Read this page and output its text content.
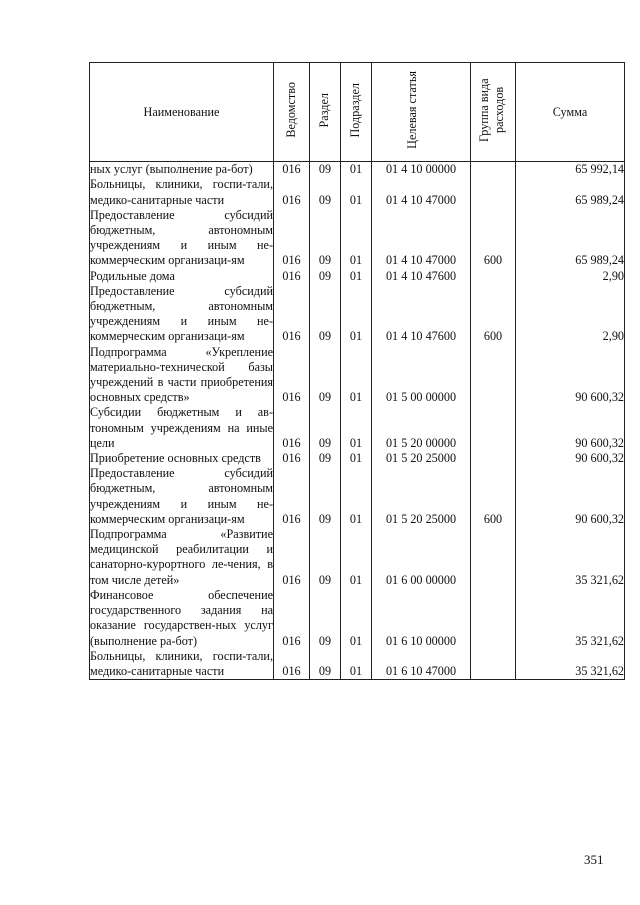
Наименование	Ведомство	Раздел	Подраздел	Целевая статья	Группа вида расходов	Сумма
ных услуг (выполнение ра-бот)	016	09	01	01 4 10 00000		65 992,14
Больницы, клиники, госпи-тали, медико-санитарные части	016	09	01	01 4 10 47000		65 989,24
Предоставление субсидий бюджетным, автономным учреждениям и иным не-коммерческим организаци-ям	016	09	01	01 4 10 47000	600	65 989,24
Родильные дома	016	09	01	01 4 10 47600		2,90
Предоставление субсидий бюджетным, автономным учреждениям и иным не-коммерческим организаци-ям	016	09	01	01 4 10 47600	600	2,90
Подпрограмма «Укрепление материально-технической базы учреждений в части приобретения основных средств»	016	09	01	01 5 00 00000		90 600,32
Субсидии бюджетным и ав-тономным учреждениям на иные цели	016	09	01	01 5 20 00000		90 600,32
Приобретение основных средств	016	09	01	01 5 20 25000		90 600,32
Предоставление субсидий бюджетным, автономным учреждениям и иным не-коммерческим организаци-ям	016	09	01	01 5 20 25000	600	90 600,32
Подпрограмма «Развитие медицинской реабилитации и санаторно-курортного ле-чения, в том числе детей»	016	09	01	01 6 00 00000		35 321,62
Финансовое обеспечение государственного задания на оказание государствен-ных услуг (выполнение ра-бот)	016	09	01	01 6 10 00000		35 321,62
Больницы, клиники, госпи-тали, медико-санитарные части	016	09	01	01 6 10 47000		35 321,62
351
